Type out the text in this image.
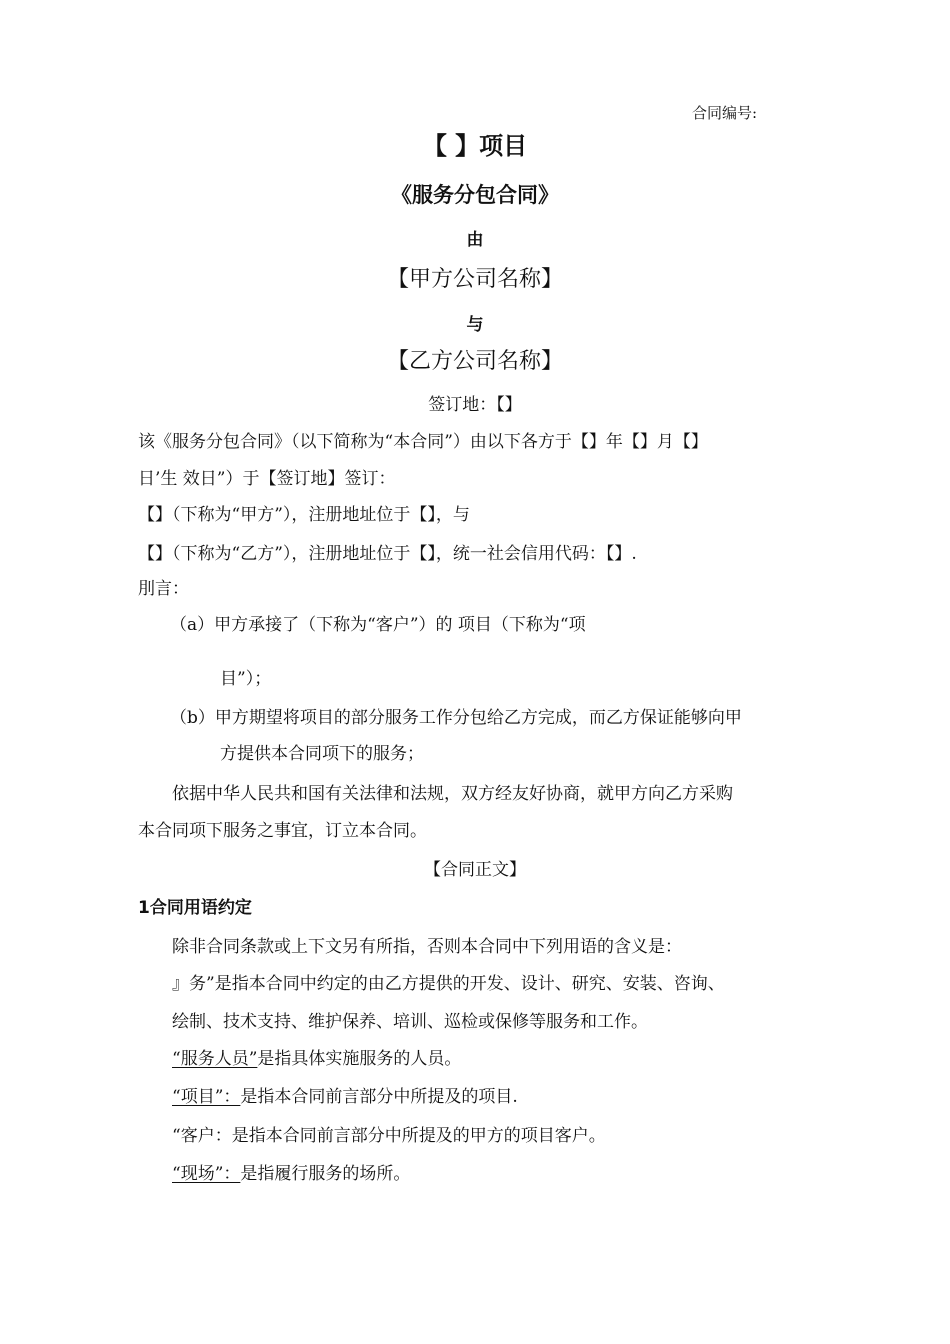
合同编号:
【 】项目
《服务分包合同》
由
【甲方公司名称】
与
【乙方公司名称】
签订地：【】
该《服务分包合同》（以下简称为“本合同”）由以下各方于【】年【】月【】
日’生 效日”）于【签订地】签订：
【】（下称为“甲方”），注册地址位于【】，与
【】（下称为“乙方”），注册地址位于【】，统一社会信用代码：【】.
刖言：
（a）甲方承接了（下称为“客户”）的 项目（下称为“项
目”）；
（b）甲方期望将项目的部分服务工作分包给乙方完成，而乙方保证能够向甲
方提供本合同项下的服务；
依据中华人民共和国有关法律和法规，双方经友好协商，就甲方向乙方采购
本合同项下服务之事宜，订立本合同。
【合同正文】
1合同用语约定
除非合同条款或上下文另有所指，否则本合同中下列用语的含义是：
』务”是指本合同中约定的由乙方提供的开发、设计、研究、安装、咨询、
绘制、技术支持、维护保养、培训、巡检或保修等服务和工作。
“服务人员”是指具体实施服务的人员。
“项目”：是指本合同前言部分中所提及的项目.
“客户：是指本合同前言部分中所提及的甲方的项目客户。
“现场”：是指履行服务的场所。
